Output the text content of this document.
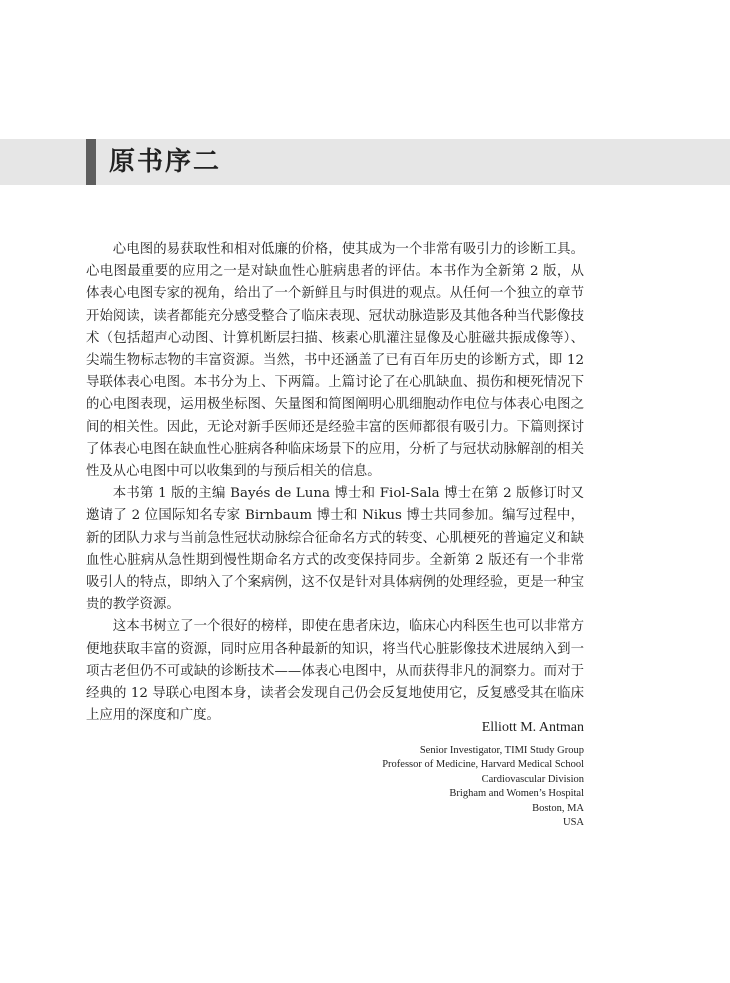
原书序二

心电图的易获取性和相对低廉的价格，使其成为一个非常有吸引力的诊断工具。心电图最重要的应用之一是对缺血性心脏病患者的评估。本书作为全新第 2 版，从体表心电图专家的视角，给出了一个新鲜且与时俱进的观点。从任何一个独立的章节开始阅读，读者都能充分感受整合了临床表现、冠状动脉造影及其他各种当代影像技术（包括超声心动图、计算机断层扫描、核素心肌灌注显像及心脏磁共振成像等）、尖端生物标志物的丰富资源。当然，书中还涵盖了已有百年历史的诊断方式，即 12 导联体表心电图。本书分为上、下两篇。上篇讨论了在心肌缺血、损伤和梗死情况下的心电图表现，运用极坐标图、矢量图和简图阐明心肌细胞动作电位与体表心电图之间的相关性。因此，无论对新手医师还是经验丰富的医师都很有吸引力。下篇则探讨了体表心电图在缺血性心脏病各种临床场景下的应用，分析了与冠状动脉解剖的相关性及从心电图中可以收集到的与预后相关的信息。

本书第 1 版的主编 Bayés de Luna 博士和 Fiol-Sala 博士在第 2 版修订时又邀请了 2 位国际知名专家 Birnbaum 博士和 Nikus 博士共同参加。编写过程中，新的团队力求与当前急性冠状动脉综合征命名方式的转变、心肌梗死的普遍定义和缺血性心脏病从急性期到慢性期命名方式的改变保持同步。全新第 2 版还有一个非常吸引人的特点，即纳入了个案病例，这不仅是针对具体病例的处理经验，更是一种宝贵的教学资源。

这本书树立了一个很好的榜样，即使在患者床边，临床心内科医生也可以非常方便地获取丰富的资源，同时应用各种最新的知识，将当代心脏影像技术进展纳入到一项古老但仍不可或缺的诊断技术——体表心电图中，从而获得非凡的洞察力。而对于经典的 12 导联心电图本身，读者会发现自己仍会反复地使用它，反复感受其在临床上应用的深度和广度。

Elliott M. Antman
Senior Investigator, TIMI Study Group
Professor of Medicine, Harvard Medical School
Cardiovascular Division
Brigham and Women’s Hospital
Boston, MA
USA
